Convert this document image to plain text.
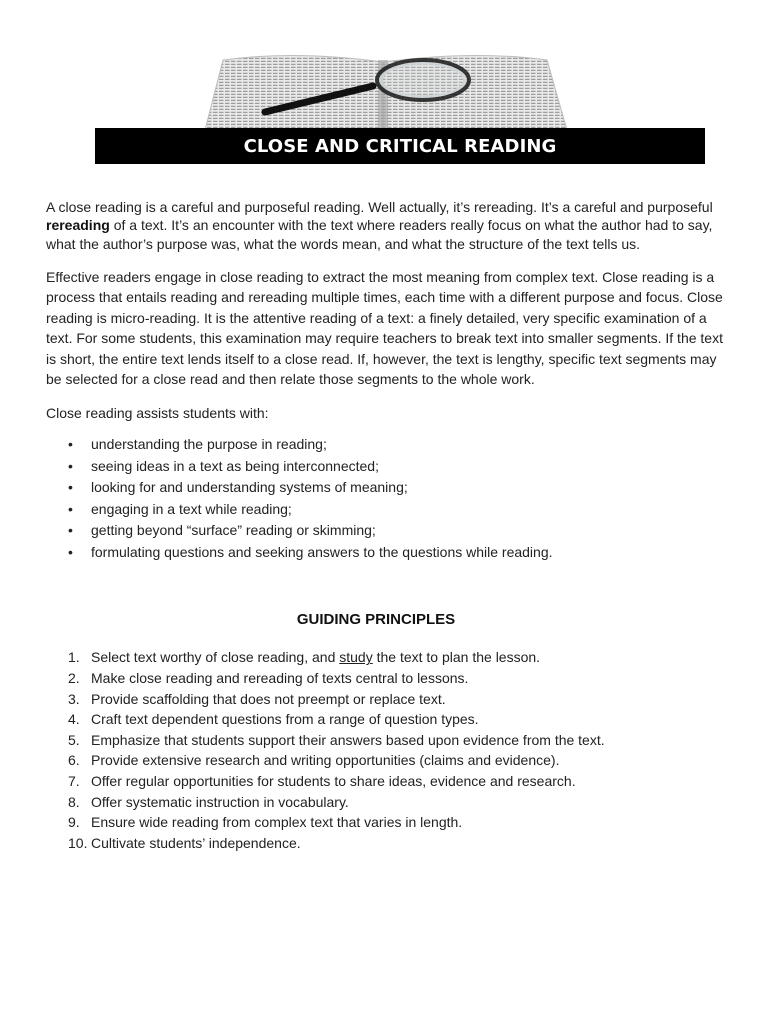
CLOSE AND CRITICAL READING

A close reading is a careful and purposeful reading. Well actually, it’s rereading. It’s a careful and purposeful rereading of a text. It’s an encounter with the text where readers really focus on what the author had to say, what the author’s purpose was, what the words mean, and what the structure of the text tells us.

Effective readers engage in close reading to extract the most meaning from complex text. Close reading is a process that entails reading and rereading multiple times, each time with a different purpose and focus. Close reading is micro-reading. It is the attentive reading of a text: a finely detailed, very specific examination of a text. For some students, this examination may require teachers to break text into smaller segments. If the text is short, the entire text lends itself to a close read. If, however, the text is lengthy, specific text segments may be selected for a close read and then relate those segments to the whole work.

Close reading assists students with:

• understanding the purpose in reading;
• seeing ideas in a text as being interconnected;
• looking for and understanding systems of meaning;
• engaging in a text while reading;
• getting beyond “surface” reading or skimming;
• formulating questions and seeking answers to the questions while reading.
GUIDING PRINCIPLES
1. Select text worthy of close reading, and study the text to plan the lesson.
2. Make close reading and rereading of texts central to lessons.
3. Provide scaffolding that does not preempt or replace text.
4. Craft text dependent questions from a range of question types.
5. Emphasize that students support their answers based upon evidence from the text.
6. Provide extensive research and writing opportunities (claims and evidence).
7. Offer regular opportunities for students to share ideas, evidence and research.
8. Offer systematic instruction in vocabulary.
9. Ensure wide reading from complex text that varies in length.
10. Cultivate students’ independence.
